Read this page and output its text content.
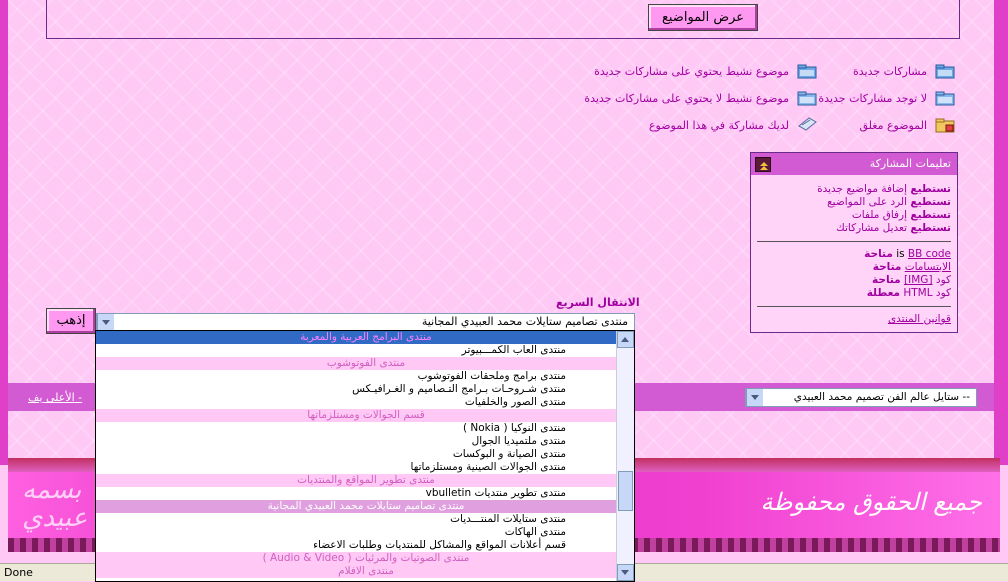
عرض المواضيع
مشاركات جديدة
موضوع نشيط يحتوي على مشاركات جديدة
لا توجد مشاركات جديدة
موضوع نشيط لا يحتوي على مشاركات جديدة
الموضوع مغلق
لديك مشاركة في هذا الموضوع
تعليمات المشاركة
تستطيع إضافة مواضيع جديدة
تستطيع الرد على المواضيع
تستطيع إرفاق ملفات
تستطيع تعديل مشاركاتك
is BB code متاحة
الابتسامات متاحة
كود [IMG] متاحة
كود HTML معطلة
قوانين المنتدى
الانتقال السريع
إذهب	منتدى تصاميم ستايلات محمد العبيدي المجانية
الأعلى يف -	-- ستايل عالم الفن تصميم محمد العبيدي
جميع الحقوق محفوظة
بسمه
عبيدي
Done
منتدى البرامج العربية والمعربة
منتدى العاب الكمـــبيوتر
منتدى الفوتوشوب
منتدى برامج وملحقات الفوتوشوب
منتدى شـروحـات بـرامج التـصاميم و الغـرافيـكس
منتدى الصور والخلفيات
قسم الجوالات ومستلزماتها
منتدى النوكيا ( Nokia )
منتدى ملتميديا الجوال
منتدى الصيانة و البوكسات
منتدى الجوالات الصينية ومستلزماتها
منتدى تطوير المواقع والمنتديات
منتدى تطوير منتديات vbulletin
منتدى تصاميم ستايلات محمد العبيدي المجانية
منتدى ستايلات المنتـــديات
منتدى الهاكات
قسم أعلانات المواقع والمشاكل للمنتديات وطلبات الاعضاء
منتدى الصوتيات والمرئيات ( Audio & Video )
منتدى الافلام
